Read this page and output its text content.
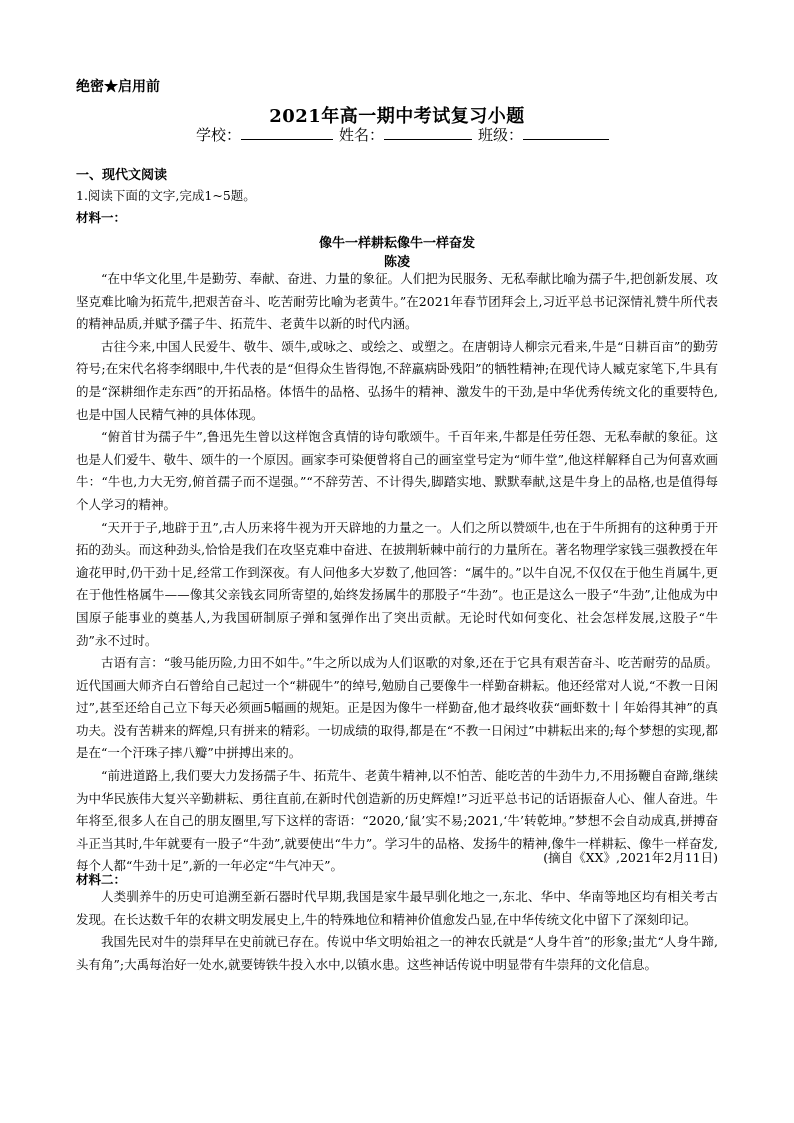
绝密★启用前
2021年高一期中考试复习小题
学校：	姓名：	班级：
一、现代文阅读
1.阅读下面的文字,完成1~5题。
材料一：
像牛一样耕耘像牛一样奋发
陈凌

“在中华文化里,牛是勤劳、奉献、奋进、力量的象征。人们把为民服务、无私奉献比喻为孺子牛,把创新发展、攻坚克难比喻为拓荒牛,把艰苦奋斗、吃苦耐劳比喻为老黄牛。”在2021年春节团拜会上,习近平总书记深情礼赞牛所代表的精神品质,并赋予孺子牛、拓荒牛、老黄牛以新的时代内涵。

古往今来,中国人民爱牛、敬牛、颂牛,或咏之、或绘之、或塑之。在唐朝诗人柳宗元看来,牛是“日耕百亩”的勤劳符号;在宋代名将李纲眼中,牛代表的是“但得众生皆得饱,不辞羸病卧残阳”的牺牲精神;在现代诗人臧克家笔下,牛具有的是“深耕细作走东西”的开拓品格。体悟牛的品格、弘扬牛的精神、激发牛的干劲,是中华优秀传统文化的重要特色,也是中国人民精气神的具体体现。

“俯首甘为孺子牛”,鲁迅先生曾以这样饱含真情的诗句歌颂牛。千百年来,牛都是任劳任怨、无私奉献的象征。这也是人们爱牛、敬牛、颂牛的一个原因。画家李可染便曾将自己的画室堂号定为“师牛堂”,他这样解释自己为何喜欢画牛：“牛也,力大无穷,俯首孺子而不逞强。”“不辞劳苦、不计得失,脚踏实地、默默奉献,这是牛身上的品格,也是值得每个人学习的精神。

“天开于子,地辟于丑”,古人历来将牛视为开天辟地的力量之一。人们之所以赞颂牛,也在于牛所拥有的这种勇于开拓的劲头。而这种劲头,恰恰是我们在攻坚克难中奋进、在披荆斩棘中前行的力量所在。著名物理学家钱三强教授在年逾花甲时,仍干劲十足,经常工作到深夜。有人问他多大岁数了,他回答：“属牛的。”以牛自况,不仅仅在于他生肖属牛,更在于他性格属牛——像其父亲钱玄同所寄望的,始终发扬属牛的那股子“牛劲”。也正是这么一股子“牛劲”,让他成为中国原子能事业的奠基人,为我国研制原子弹和氢弹作出了突出贡献。无论时代如何变化、社会怎样发展,这股子“牛劲”永不过时。

古语有言：“骏马能历险,力田不如牛。”牛之所以成为人们讴歌的对象,还在于它具有艰苦奋斗、吃苦耐劳的品质。近代国画大师齐白石曾给自己起过一个“耕砚牛”的绰号,勉励自己要像牛一样勤奋耕耘。他还经常对人说,“不教一日闲过”,甚至还给自己立下每天必须画5幅画的规矩。正是因为像牛一样勤奋,他才最终收获“画虾数十丨年始得其神”的真功夫。没有苦耕来的辉煌,只有拼来的精彩。一切成绩的取得,都是在“不教一日闲过”中耕耘出来的;每个梦想的实现,都是在“一个汗珠子摔八瓣”中拼搏出来的。

“前进道路上,我们要大力发扬孺子牛、拓荒牛、老黄牛精神,以不怕苦、能吃苦的牛劲牛力,不用扬鞭自奋蹄,继续为中华民族伟大复兴辛勤耕耘、勇往直前,在新时代创造新的历史辉煌!”习近平总书记的话语振奋人心、催人奋进。牛年将至,很多人在自己的朋友圈里,写下这样的寄语：“2020,‘鼠’实不易;2021,‘牛’转乾坤。”梦想不会自动成真,拼搏奋斗正当其时,牛年就要有一股子“牛劲”,就要使出“牛力”。学习牛的品格、发扬牛的精神,像牛一样耕耘、像牛一样奋发,每个人都“牛劲十足”,新的一年必定“牛气冲天”。

(摘自《XX》,2021年2月11日)
材料二：

人类驯养牛的历史可追溯至新石器时代早期,我国是家牛最早驯化地之一,东北、华中、华南等地区均有相关考古发现。在长达数千年的农耕文明发展史上,牛的特殊地位和精神价值愈发凸显,在中华传统文化中留下了深刻印记。

我国先民对牛的崇拜早在史前就已存在。传说中华文明始祖之一的神农氏就是“人身牛首”的形象;蚩尤“人身牛蹄,头有角”;大禹每治好一处水,就要铸铁牛投入水中,以镇水患。这些神话传说中明显带有牛崇拜的文化信息。
